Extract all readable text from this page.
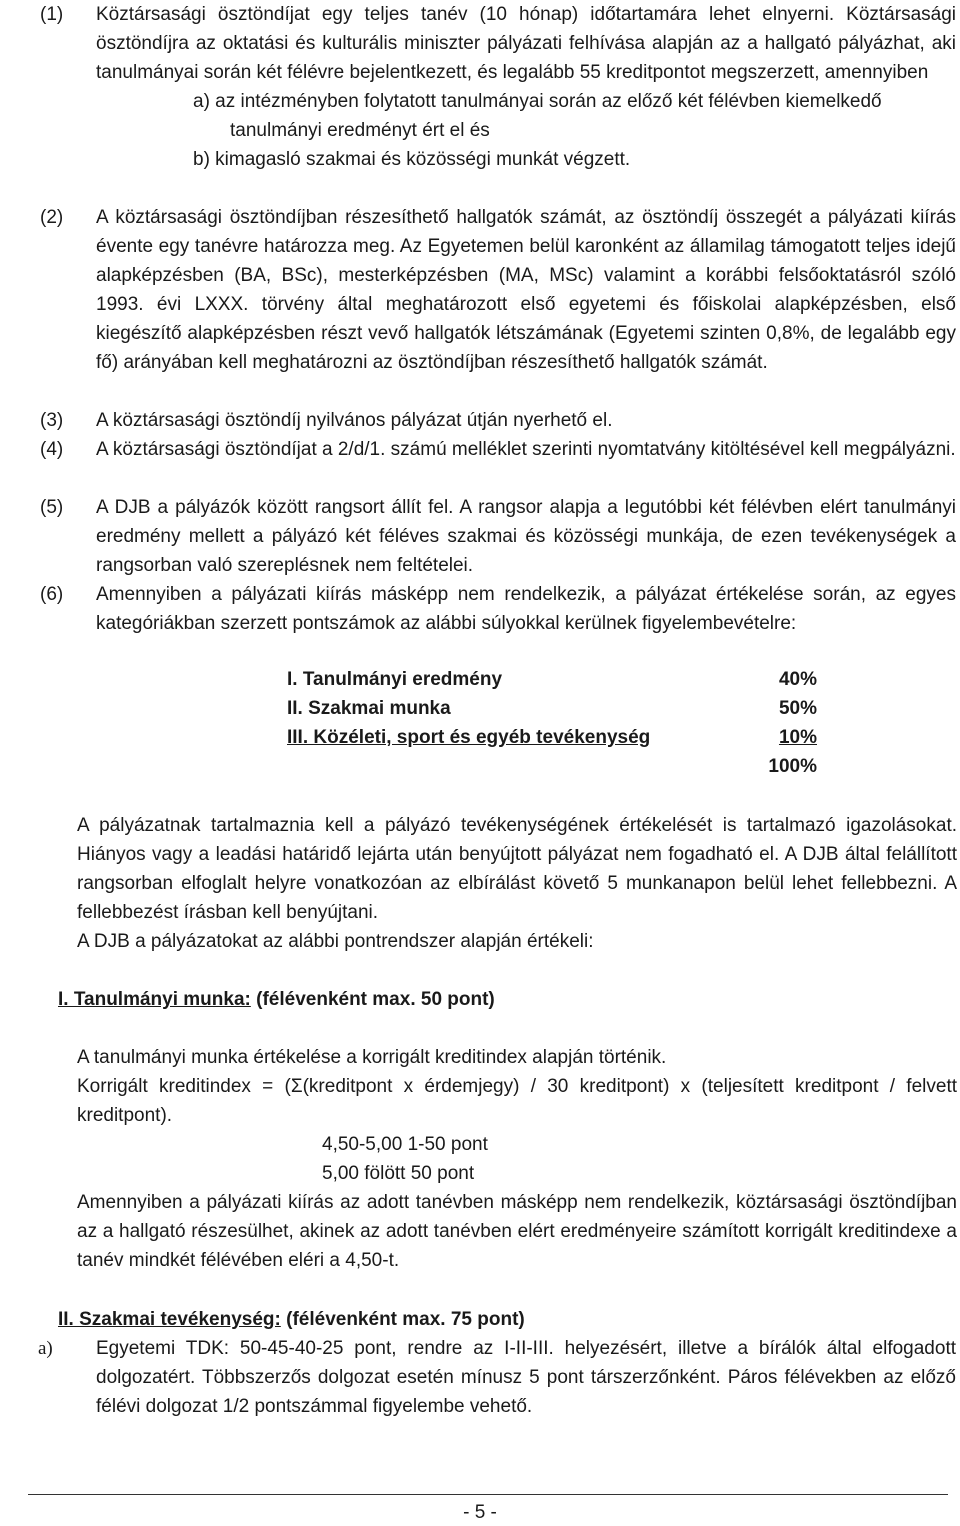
(1)	Köztársasági ösztöndíjat egy teljes tanév (10 hónap) időtartamára lehet elnyerni. Köztársasági ösztöndíjra az oktatási és kulturális miniszter pályázati felhívása alapján az a hallgató pályázhat, aki tanulmányai során két félévre bejelentkezett, és legalább 55 kreditpontot megszerzett, amennyiben

a) az intézményben folytatott tanulmányai során az előző két félévben kiemelkedő

tanulmányi eredményt ért el és

b) kimagasló szakmai és közösségi munkát végzett.

(2)	A köztársasági ösztöndíjban részesíthető hallgatók számát, az ösztöndíj összegét a pályázati kiírás évente egy tanévre határozza meg. Az Egyetemen belül karonként az államilag támogatott teljes idejű alapképzésben (BA, BSc), mesterképzésben (MA, MSc) valamint a korábbi felsőoktatásról szóló 1993. évi LXXX. törvény által meghatározott első egyetemi és főiskolai alapképzésben, első kiegészítő alapképzésben részt vevő hallgatók létszámának (Egyetemi szinten 0,8%, de legalább egy fő) arányában kell meghatározni az ösztöndíjban részesíthető hallgatók számát.

(3)	A köztársasági ösztöndíj nyilvános pályázat útján nyerhető el.

(4)	A köztársasági ösztöndíjat a 2/d/1. számú melléklet szerinti nyomtatvány kitöltésével kell megpályázni.

(5)	A DJB a pályázók között rangsort állít fel. A rangsor alapja a legutóbbi két félévben elért tanulmányi eredmény mellett a pályázó két féléves szakmai és közösségi munkája, de ezen tevékenységek a rangsorban való szereplésnek nem feltételei.

(6)	Amennyiben a pályázati kiírás másképp nem rendelkezik, a pályázat értékelése során, az egyes kategóriákban szerzett pontszámok az alábbi súlyokkal kerülnek figyelembevételre:

I. Tanulmányi eredmény	40%
II. Szakmai munka	50%
III. Közéleti, sport és egyéb tevékenység	10%
100%

A pályázatnak tartalmaznia kell a pályázó tevékenységének értékelését is tartalmazó igazolásokat. Hiányos vagy a leadási határidő lejárta után benyújtott pályázat nem fogadható el. A DJB által felállított rangsorban elfoglalt helyre vonatkozóan az elbírálást követő 5 munkanapon belül lehet fellebbezni. A fellebbezést írásban kell benyújtani.

A DJB a pályázatokat az alábbi pontrendszer alapján értékeli:

I. Tanulmányi munka: (félévenként max. 50 pont)

A tanulmányi munka értékelése a korrigált kreditindex alapján történik.

Korrigált kreditindex = (Σ(kreditpont x érdemjegy) / 30 kreditpont) x (teljesített kreditpont / felvett kreditpont).

4,50-5,00 1-50 pont

5,00 fölött 50 pont

Amennyiben a pályázati kiírás az adott tanévben másképp nem rendelkezik, köztársasági ösztöndíjban az a hallgató részesülhet, akinek az adott tanévben elért eredményeire számított korrigált kreditindexe a tanév mindkét félévében eléri a 4,50-t.

II. Szakmai tevékenység: (félévenként max. 75 pont)
a) Egyetemi TDK: 50-45-40-25 pont, rendre az I-II-III. helyezésért, illetve a bírálók által elfogadott dolgozatért. Többszerzős dolgozat esetén mínusz 5 pont társzerzőnként. Páros félévekben az előző félévi dolgozat 1/2 pontszámmal figyelembe vehető.

- 5 -
